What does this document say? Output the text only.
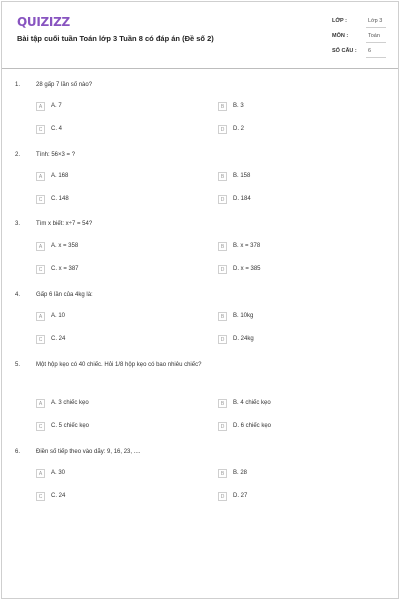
QUIZIZZ
Bài tập cuối tuần Toán lớp 3 Tuần 8 có đáp án (Đề số 2)
LỚP :	Lớp 3
MÔN :	Toán
SỐ CÂU : 6
1.	28 gấp 7 lần số nào?
A	A. 7	B	B. 3
C	C. 4	D	D. 2
2.	Tính: 56×3 = ?
A	A. 168	B	B. 158
C	C. 148	D	D. 184
3.	Tìm x biết: x÷7 = 54?
A	A. x = 358	B	B. x = 378
C	C. x = 387	D	D. x = 385
4.	Gấp 6 lần của 4kg là:
A	A. 10	B	B. 10kg
C	C. 24	D	D. 24kg
5.	Một hộp kẹo có 40 chiếc. Hỏi 1/8 hộp kẹo có bao nhiêu chiếc?
A	A. 3 chiếc kẹo	B	B. 4 chiếc kẹo
C	C. 5 chiếc kẹo	D	D. 6 chiếc kẹo
6.	Điền số tiếp theo vào dãy: 9, 16, 23, ....
A	A. 30	B	B. 28
C	C. 24	D	D. 27
